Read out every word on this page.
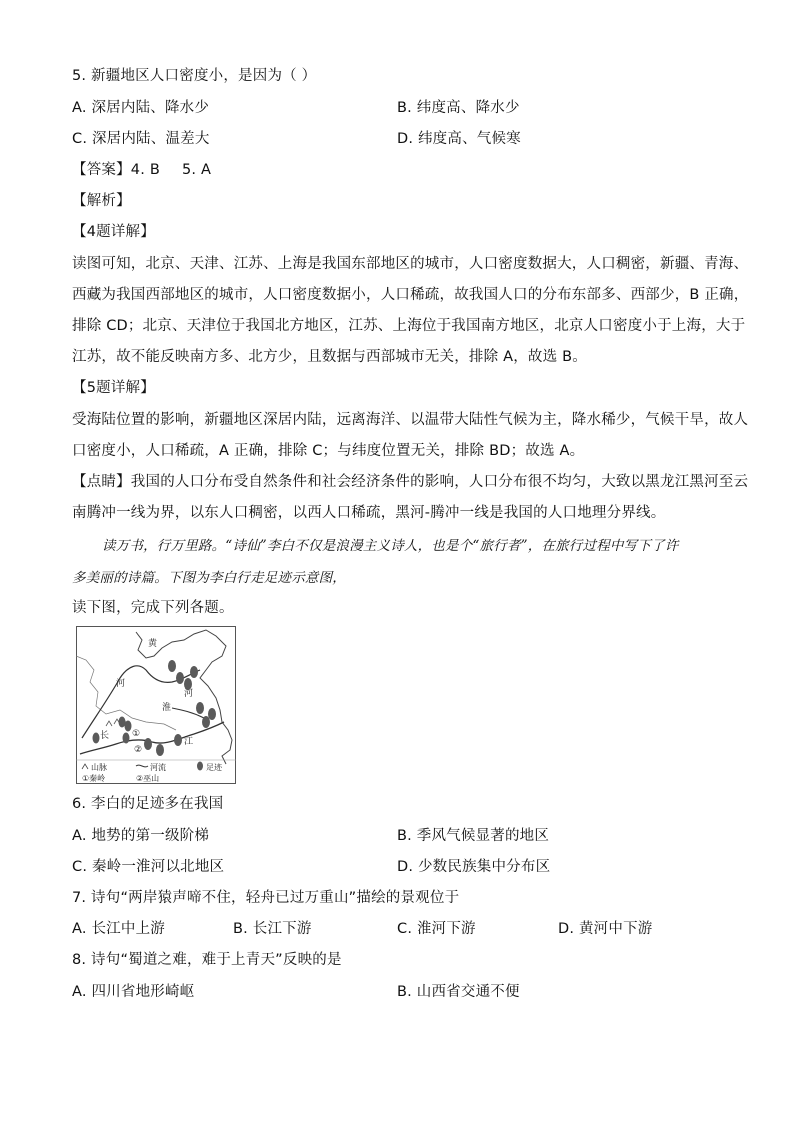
5. 新疆地区人口密度小，是因为（ ）
A. 深居内陆、降水少	B. 纬度高、降水少
C. 深居内陆、温差大	D. 纬度高、气候寒
【答案】4. B 5. A
【解析】
【4题详解】
读图可知，北京、天津、江苏、上海是我国东部地区的城市，人口密度数据大，人口稠密，新疆、青海、
西藏为我国西部地区的城市，人口密度数据小，人口稀疏，故我国人口的分布东部多、西部少，B 正确，
排除 CD；北京、天津位于我国北方地区，江苏、上海位于我国南方地区，北京人口密度小于上海，大于
江苏，故不能反映南方多、北方少，且数据与西部城市无关，排除 A，故选 B。
【5题详解】
受海陆位置的影响，新疆地区深居内陆，远离海洋、以温带大陆性气候为主，降水稀少，气候干旱，故人
口密度小，人口稀疏，A 正确，排除 C；与纬度位置无关，排除 BD；故选 A。
【点睛】我国的人口分布受自然条件和社会经济条件的影响，人口分布很不均匀，大致以黑龙江黑河至云
南腾冲一线为界，以东人口稠密，以西人口稀疏，黑河-腾冲一线是我国的人口地理分界线。
读万书，行万里路。“诗仙”李白不仅是浪漫主义诗人，也是个“旅行者”，在旅行过程中写下了许
多美丽的诗篇。下图为李白行走足迹示意图，
读下图，完成下列各题。
黄
河
河
淮
长
江
①
②
山脉	河流	足迹
①秦岭	②巫山
6. 李白的足迹多在我国
A. 地势的第一级阶梯	B. 季风气候显著的地区
C. 秦岭一淮河以北地区	D. 少数民族集中分布区
7. 诗句“两岸猿声啼不住，轻舟已过万重山”描绘的景观位于
A. 长江中上游	B. 长江下游	C. 淮河下游	D. 黄河中下游
8. 诗句“蜀道之难，难于上青天”反映的是
A. 四川省地形崎岖	B. 山西省交通不便
